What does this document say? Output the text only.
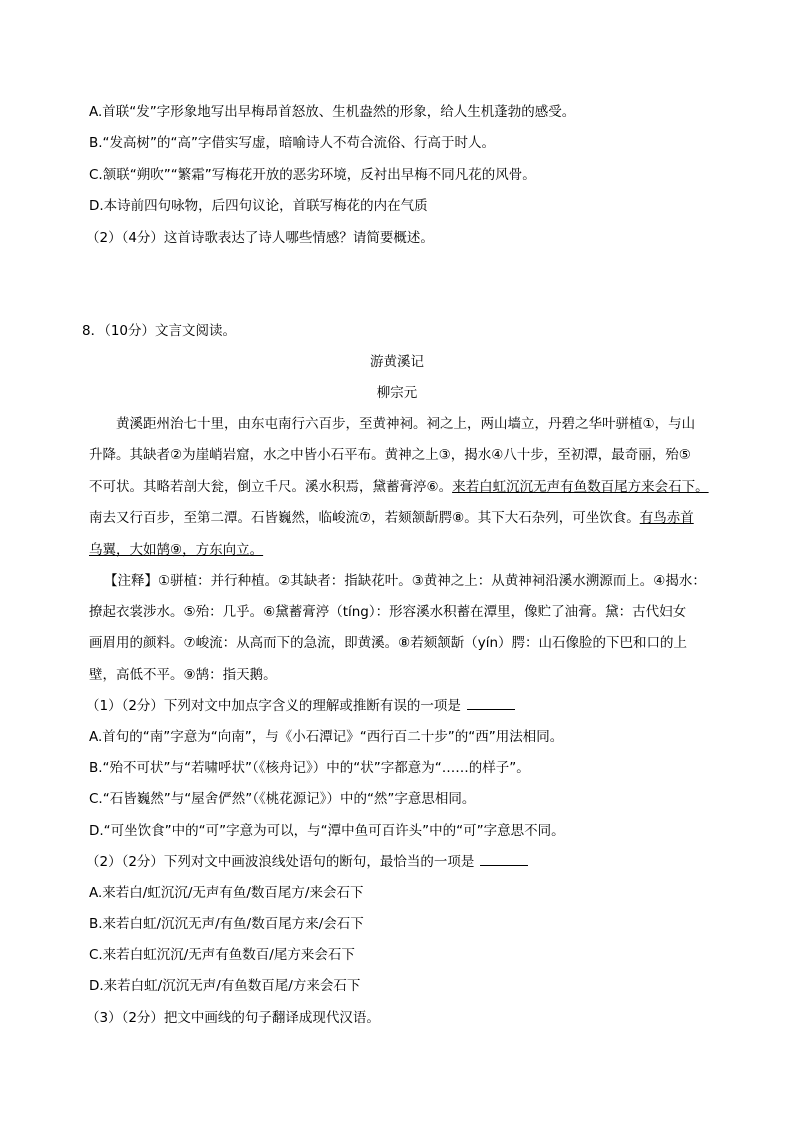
A.首联“发”字形象地写出早梅昂首怒放、生机盎然的形象，给人生机蓬勃的感受。
B.“发高树”的“高”字借实写虚，暗喻诗人不苟合流俗、行高于时人。
C.颔联“朔吹”“繁霜”写梅花开放的恶劣环境，反衬出早梅不同凡花的风骨。
D.本诗前四句咏物，后四句议论，首联写梅花的内在气质
（2）（4分）这首诗歌表达了诗人哪些情感？请简要概述。
8．（10分）文言文阅读。
游黄溪记
柳宗元
黄溪距州治七十里，由东屯南行六百步，至黄神祠。祠之上，两山墙立，丹碧之华叶骈植①，与山
升降。其缺者②为崖峭岩窟，水之中皆小石平布。黄神之上③，揭水④八十步，至初潭，最奇丽，殆⑤
不可状。其略若剖大瓮，倒立千尺。溪水积焉，黛蓄膏渟⑥。来若白虹沉沉无声有鱼数百尾方来会石下。
南去又行百步，至第二潭。石皆巍然，临峻流⑦，若颏颔龂腭⑧。其下大石杂列，可坐饮食。有鸟赤首
乌翼，大如鹄⑨，方东向立。
【注释】①骈植：并行种植。②其缺者：指缺花叶。③黄神之上：从黄神祠沿溪水溯源而上。④揭水：
撩起衣裳涉水。⑤殆：几乎。⑥黛蓄膏渟（tíng）：形容溪水积蓄在潭里，像贮了油膏。黛：古代妇女
画眉用的颜料。⑦峻流：从高而下的急流，即黄溪。⑧若颏颔龂（yín）腭：山石像脸的下巴和口的上
壁，高低不平。⑨鹄：指天鹅。
（1）（2分）下列对文中加点字含义的理解或推断有误的一项是
A.首句的“南”字意为“向南”，与《小石潭记》“西行百二十步”的“西”用法相同。
B.“殆不可状”与“若啸呼状”（《核舟记》）中的“状”字都意为“……的样子”。
C.“石皆巍然”与“屋舍俨然”（《桃花源记》）中的“然”字意思相同。
D.“可坐饮食”中的“可”字意为可以，与“潭中鱼可百许头”中的“可”字意思不同。
（2）（2分）下列对文中画波浪线处语句的断句，最恰当的一项是
A.来若白/虹沉沉/无声有鱼/数百尾方/来会石下
B.来若白虹/沉沉无声/有鱼/数百尾方来/会石下
C.来若白虹沉沉/无声有鱼数百/尾方来会石下
D.来若白虹/沉沉无声/有鱼数百尾/方来会石下
（3）（2分）把文中画线的句子翻译成现代汉语。
